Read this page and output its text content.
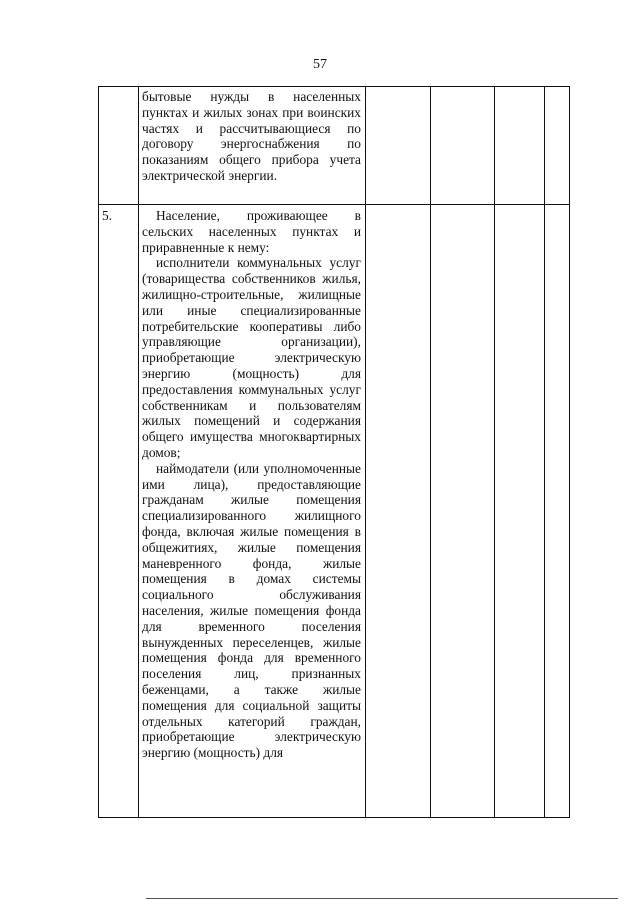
57

бытовые нужды в населенных пунктах и жилых зонах при воинских частях и рассчитывающиеся по договору энергоснабжения по показаниям общего прибора учета электрической энергии.

5.	Население, проживающее в сельских населенных пунктах и приравненные к нему:

исполнители коммунальных услуг (товарищества собственников жилья, жилищно-строительные, жилищные или иные специализированные потребительские кооперативы либо управляющие организации), приобретающие электрическую энергию (мощность) для предоставления коммунальных услуг собственникам и пользователям жилых помещений и содержания общего имущества многоквартирных домов;

наймодатели (или уполномоченные ими лица), предоставляющие гражданам жилые помещения специализированного жилищного фонда, включая жилые помещения в общежитиях, жилые помещения маневренного фонда, жилые помещения в домах системы социального обслуживания населения, жилые помещения фонда для временного поселения вынужденных переселенцев, жилые помещения фонда для временного поселения лиц, признанных беженцами, а также жилые помещения для социальной защиты отдельных категорий граждан, приобретающие электрическую энергию (мощность) для
